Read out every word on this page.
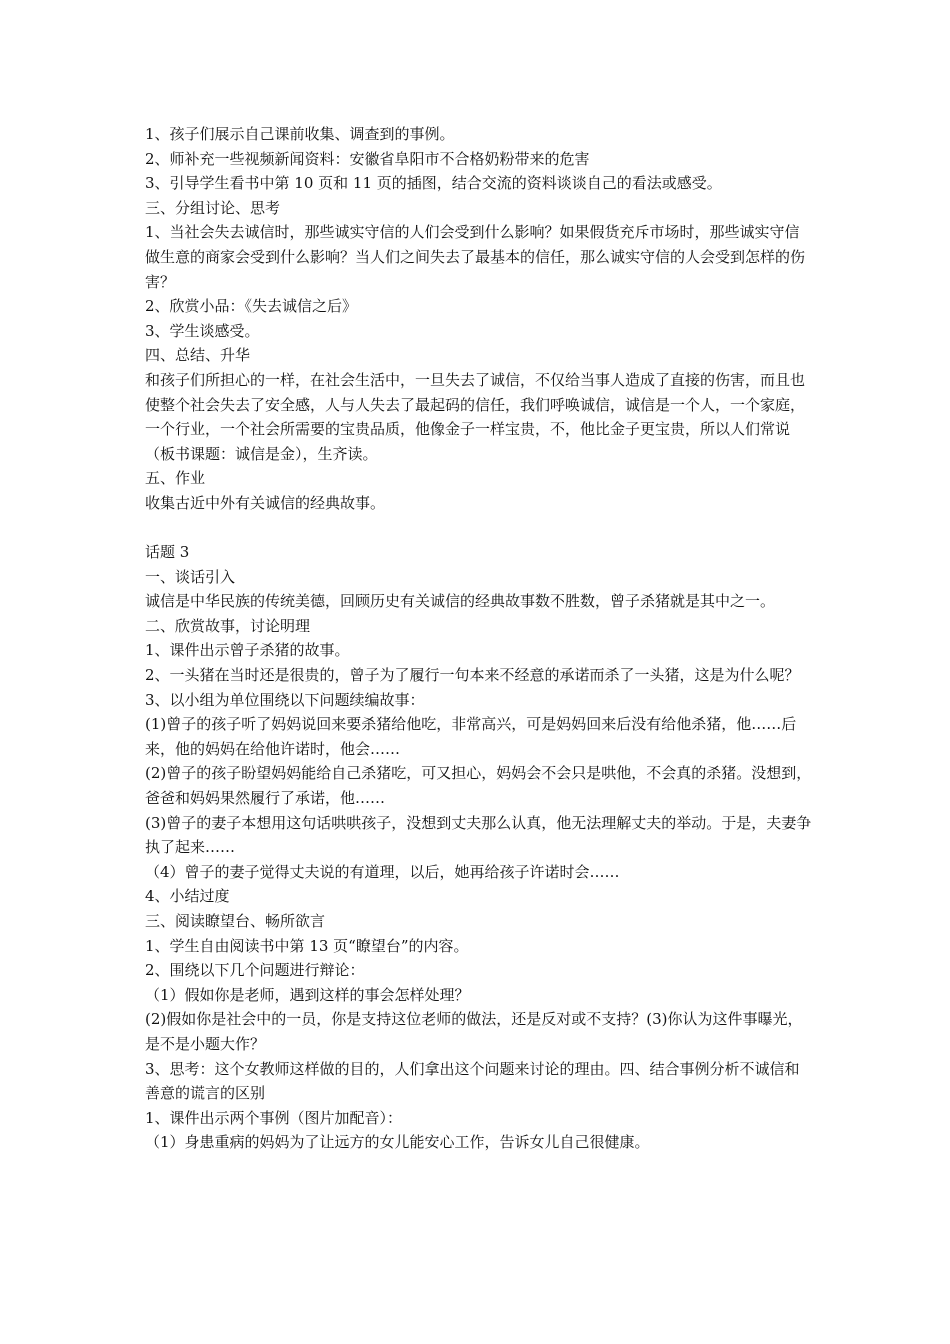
1、孩子们展示自己课前收集、调查到的事例。

2、师补充一些视频新闻资料：安徽省阜阳市不合格奶粉带来的危害

3、引导学生看书中第 10 页和 11 页的插图，结合交流的资料谈谈自己的看法或感受。

三、分组讨论、思考

1、当社会失去诚信时，那些诚实守信的人们会受到什么影响？如果假货充斥市场时，那些诚实守信做生意的商家会受到什么影响？当人们之间失去了最基本的信任，那么诚实守信的人会受到怎样的伤害？

2、欣赏小品：《失去诚信之后》

3、学生谈感受。

四、总结、升华

和孩子们所担心的一样，在社会生活中，一旦失去了诚信，不仅给当事人造成了直接的伤害，而且也使整个社会失去了安全感，人与人失去了最起码的信任，我们呼唤诚信，诚信是一个人，一个家庭，一个行业，一个社会所需要的宝贵品质，他像金子一样宝贵，不，他比金子更宝贵，所以人们常说（板书课题：诚信是金），生齐读。

五、作业

收集古近中外有关诚信的经典故事。

话题 3

一、谈话引入

诚信是中华民族的传统美德，回顾历史有关诚信的经典故事数不胜数，曾子杀猪就是其中之一。

二、欣赏故事，讨论明理

1、课件出示曾子杀猪的故事。

2、一头猪在当时还是很贵的，曾子为了履行一句本来不经意的承诺而杀了一头猪，这是为什么呢？

3、以小组为单位围绕以下问题续编故事：

(1)曾子的孩子听了妈妈说回来要杀猪给他吃，非常高兴，可是妈妈回来后没有给他杀猪，他……后来，他的妈妈在给他许诺时，他会……

(2)曾子的孩子盼望妈妈能给自己杀猪吃，可又担心，妈妈会不会只是哄他，不会真的杀猪。没想到，爸爸和妈妈果然履行了承诺，他……

(3)曾子的妻子本想用这句话哄哄孩子，没想到丈夫那么认真，他无法理解丈夫的举动。于是，夫妻争执了起来……

（4）曾子的妻子觉得丈夫说的有道理，以后，她再给孩子许诺时会……

4、小结过度

三、阅读瞭望台、畅所欲言

1、学生自由阅读书中第 13 页“瞭望台”的内容。

2、围绕以下几个问题进行辩论：

（1）假如你是老师，遇到这样的事会怎样处理？

(2)假如你是社会中的一员，你是支持这位老师的做法，还是反对或不支持？(3)你认为这件事曝光，是不是小题大作？

3、思考：这个女教师这样做的目的，人们拿出这个问题来讨论的理由。四、结合事例分析不诚信和善意的谎言的区别

1、课件出示两个事例（图片加配音）：

（1）身患重病的妈妈为了让远方的女儿能安心工作，告诉女儿自己很健康。
